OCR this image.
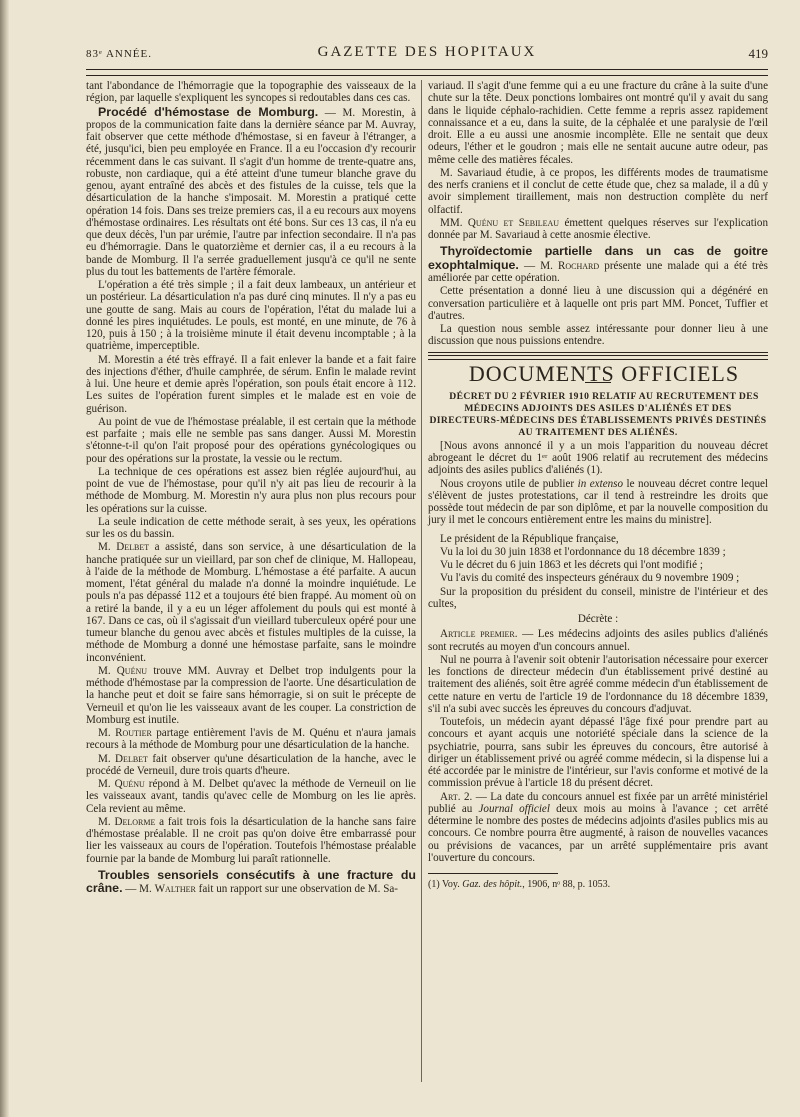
83ᵉ ANNÉE.	GAZETTE DES HOPITAUX	419

tant l'abondance de l'hémorragie que la topographie des vaisseaux de la région, par laquelle s'expliquent les syncopes si redoutables dans ces cas.

Procédé d'hémostase de Momburg. — M. Morestin, à propos de la communication faite dans la dernière séance par M. Auvray, fait observer que cette méthode d'hémostase, si en faveur à l'étranger, a été, jusqu'ici, bien peu employée en France. Il a eu l'occasion d'y recourir récemment dans le cas suivant. Il s'agit d'un homme de trente-quatre ans, robuste, non cardiaque, qui a été atteint d'une tumeur blanche grave du genou, ayant entraîné des abcès et des fistules de la cuisse, tels que la désarticulation de la hanche s'imposait. M. Morestin a pratiqué cette opération 14 fois. Dans ses treize premiers cas, il a eu recours aux moyens d'hémostase ordinaires. Les résultats ont été bons. Sur ces 13 cas, il n'a eu que deux décès, l'un par urémie, l'autre par infection secondaire. Il n'a pas eu d'hémorragie. Dans le quatorzième et dernier cas, il a eu recours à la bande de Momburg. Il l'a serrée graduellement jusqu'à ce qu'il ne sente plus du tout les battements de l'artère fémorale.

L'opération a été très simple ; il a fait deux lambeaux, un antérieur et un postérieur. La désarticulation n'a pas duré cinq minutes. Il n'y a pas eu une goutte de sang. Mais au cours de l'opération, l'état du malade lui a donné les pires inquiétudes. Le pouls, est monté, en une minute, de 76 à 120, puis à 150 ; à la troisième minute il était devenu incomptable ; à la quatrième, imperceptible.

M. Morestin a été très effrayé. Il a fait enlever la bande et a fait faire des injections d'éther, d'huile camphrée, de sérum. Enfin le malade revint à lui. Une heure et demie après l'opération, son pouls était encore à 112. Les suites de l'opération furent simples et le malade est en voie de guérison.

Au point de vue de l'hémostase préalable, il est certain que la méthode est parfaite ; mais elle ne semble pas sans danger. Aussi M. Morestin s'étonne-t-il qu'on l'ait proposé pour des opérations gynécologiques ou pour des opérations sur la prostate, la vessie ou le rectum.

La technique de ces opérations est assez bien réglée aujourd'hui, au point de vue de l'hémostase, pour qu'il n'y ait pas lieu de recourir à la méthode de Momburg. M. Morestin n'y aura plus non plus recours pour les opérations sur la cuisse.

La seule indication de cette méthode serait, à ses yeux, les opérations sur les os du bassin.

M. Delbet a assisté, dans son service, à une désarticulation de la hanche pratiquée sur un vieillard, par son chef de clinique, M. Hallopeau, à l'aide de la méthode de Momburg. L'hémostase a été parfaite. A aucun moment, l'état général du malade n'a donné la moindre inquiétude. Le pouls n'a pas dépassé 112 et a toujours été bien frappé. Au moment où on a retiré la bande, il y a eu un léger affolement du pouls qui est monté à 167. Dans ce cas, où il s'agissait d'un vieillard tuberculeux opéré pour une tumeur blanche du genou avec abcès et fistules multiples de la cuisse, la méthode de Momburg a donné une hémostase parfaite, sans le moindre inconvénient.

M. Quénu trouve MM. Auvray et Delbet trop indulgents pour la méthode d'hémostase par la compression de l'aorte. Une désarticulation de la hanche peut et doit se faire sans hémorragie, si on suit le précepte de Verneuil et qu'on lie les vaisseaux avant de les couper. La constriction de Momburg est inutile.

M. Routier partage entièrement l'avis de M. Quénu et n'aura jamais recours à la méthode de Momburg pour une désarticulation de la hanche.

M. Delbet fait observer qu'une désarticulation de la hanche, avec le procédé de Verneuil, dure trois quarts d'heure.

M. Quénu répond à M. Delbet qu'avec la méthode de Verneuil on lie les vaisseaux avant, tandis qu'avec celle de Momburg on les lie après. Cela revient au même.

M. Delorme a fait trois fois la désarticulation de la hanche sans faire d'hémostase préalable. Il ne croit pas qu'on doive être embarrassé pour lier les vaisseaux au cours de l'opération. Toutefois l'hémostase préalable fournie par la bande de Momburg lui paraît rationnelle.

Troubles sensoriels consécutifs à une fracture du crâne. — M. Walther fait un rapport sur une observation de M. Sa-

variaud. Il s'agit d'une femme qui a eu une fracture du crâne à la suite d'une chute sur la tête. Deux ponctions lombaires ont montré qu'il y avait du sang dans le liquide céphalo-rachidien. Cette femme a repris assez rapidement connaissance et a eu, dans la suite, de la céphalée et une paralysie de l'œil droit. Elle a eu aussi une anosmie incomplète. Elle ne sentait que deux odeurs, l'éther et le goudron ; mais elle ne sentait aucune autre odeur, pas même celle des matières fécales.

M. Savariaud étudie, à ce propos, les différents modes de traumatisme des nerfs craniens et il conclut de cette étude que, chez sa malade, il a dû y avoir simplement tiraillement, mais non destruction complète du nerf olfactif.

MM. Quénu et Sebileau émettent quelques réserves sur l'explication donnée par M. Savariaud à cette anosmie élective.

Thyroïdectomie partielle dans un cas de goitre exophtalmique. — M. Rochard présente une malade qui a été très améliorée par cette opération.

Cette présentation a donné lieu à une discussion qui a dégénéré en conversation particulière et à laquelle ont pris part MM. Poncet, Tuffier et d'autres.

La question nous semble assez intéressante pour donner lieu à une discussion que nous puissions entendre.

DOCUMENTS OFFICIELS

DÉCRET DU 2 FÉVRIER 1910 RELATIF AU RECRUTEMENT DES MÉDECINS ADJOINTS DES ASILES D'ALIÉNÉS ET DES DIRECTEURS-MÉDECINS DES ÉTABLISSEMENTS PRIVÉS DESTINÉS AU TRAITEMENT DES ALIÉNÉS.

[Nous avons annoncé il y a un mois l'apparition du nouveau décret abrogeant le décret du 1ᵉʳ août 1906 relatif au recrutement des médecins adjoints des asiles publics d'aliénés (1).

Nous croyons utile de publier in extenso le nouveau décret contre lequel s'élèvent de justes protestations, car il tend à restreindre les droits que possède tout médecin de par son diplôme, et par la nouvelle composition du jury il met le concours entièrement entre les mains du ministre].

Le président de la République française,

Vu la loi du 30 juin 1838 et l'ordonnance du 18 décembre 1839 ;

Vu le décret du 6 juin 1863 et les décrets qui l'ont modifié ;

Vu l'avis du comité des inspecteurs généraux du 9 novembre 1909 ;

Sur la proposition du président du conseil, ministre de l'intérieur et des cultes,

Décrète :

Article premier. — Les médecins adjoints des asiles publics d'aliénés sont recrutés au moyen d'un concours annuel.

Nul ne pourra à l'avenir soit obtenir l'autorisation nécessaire pour exercer les fonctions de directeur médecin d'un établissement privé destiné au traitement des aliénés, soit être agréé comme médecin d'un établissement de cette nature en vertu de l'article 19 de l'ordonnance du 18 décembre 1839, s'il n'a subi avec succès les épreuves du concours d'adjuvat.

Toutefois, un médecin ayant dépassé l'âge fixé pour prendre part au concours et ayant acquis une notoriété spéciale dans la science de la psychiatrie, pourra, sans subir les épreuves du concours, être autorisé à diriger un établissement privé ou agréé comme médecin, si la dispense lui a été accordée par le ministre de l'intérieur, sur l'avis conforme et motivé de la commission prévue à l'article 18 du présent décret.

Art. 2. — La date du concours annuel est fixée par un arrêté ministériel publié au Journal officiel deux mois au moins à l'avance ; cet arrêté détermine le nombre des postes de médecins adjoints d'asiles publics mis au concours. Ce nombre pourra être augmenté, à raison de nouvelles vacances ou prévisions de vacances, par un arrêté supplémentaire pris avant l'ouverture du concours.

(1) Voy. Gaz. des hôpit., 1906, nᵒ 88, p. 1053.
